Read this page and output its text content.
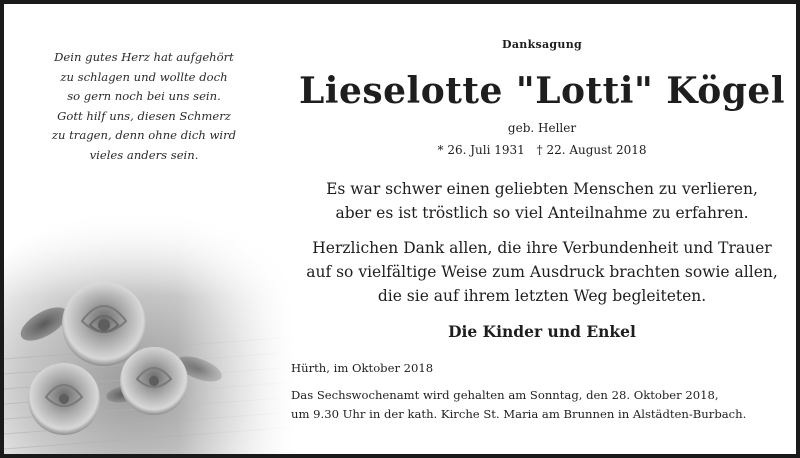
Dein gutes Herz hat aufgehört
zu schlagen und wollte doch
so gern noch bei uns sein.
Gott hilf uns, diesen Schmerz
zu tragen, denn ohne dich wird
vieles anders sein.
Danksagung
Lieselotte "Lotti" Kögel
geb. Heller
* 26. Juli 1931 † 22. August 2018
Es war schwer einen geliebten Menschen zu verlieren,
aber es ist tröstlich so viel Anteilnahme zu erfahren.
Herzlichen Dank allen, die ihre Verbundenheit und Trauer
auf so vielfältige Weise zum Ausdruck brachten sowie allen,
die sie auf ihrem letzten Weg begleiteten.
Die Kinder und Enkel
Hürth, im Oktober 2018
Das Sechswochenamt wird gehalten am Sonntag, den 28. Oktober 2018,
um 9.30 Uhr in der kath. Kirche St. Maria am Brunnen in Alstädten-Burbach.
